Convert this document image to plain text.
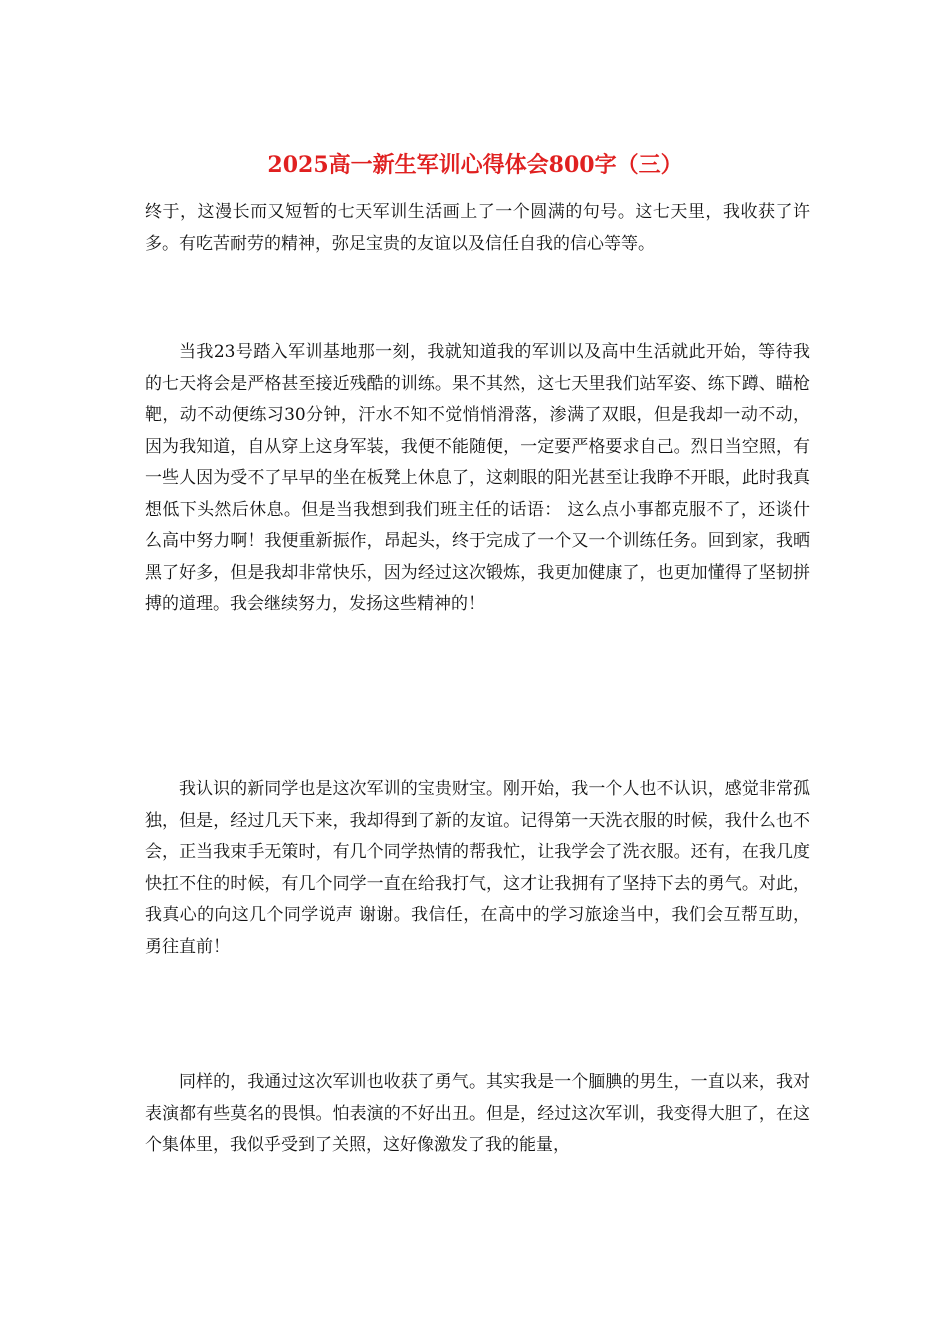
2025高一新生军训心得体会800字（三）

终于，这漫长而又短暂的七天军训生活画上了一个圆满的句号。这七天里，我收获了许多。有吃苦耐劳的精神，弥足宝贵的友谊以及信任自我的信心等等。

当我23号踏入军训基地那一刻，我就知道我的军训以及高中生活就此开始，等待我的七天将会是严格甚至接近残酷的训练。果不其然，这七天里我们站军姿、练下蹲、瞄枪靶，动不动便练习30分钟，汗水不知不觉悄悄滑落，渗满了双眼，但是我却一动不动，因为我知道，自从穿上这身军装，我便不能随便，一定要严格要求自己。烈日当空照，有一些人因为受不了早早的坐在板凳上休息了，这刺眼的阳光甚至让我睁不开眼，此时我真想低下头然后休息。但是当我想到我们班主任的话语： 这么点小事都克服不了，还谈什么高中努力啊！我便重新振作，昂起头，终于完成了一个又一个训练任务。回到家，我晒黑了好多，但是我却非常快乐，因为经过这次锻炼，我更加健康了，也更加懂得了坚韧拼搏的道理。我会继续努力，发扬这些精神的！

我认识的新同学也是这次军训的宝贵财宝。刚开始，我一个人也不认识，感觉非常孤独，但是，经过几天下来，我却得到了新的友谊。记得第一天洗衣服的时候，我什么也不会，正当我束手无策时，有几个同学热情的帮我忙，让我学会了洗衣服。还有，在我几度快扛不住的时候，有几个同学一直在给我打气，这才让我拥有了坚持下去的勇气。对此，我真心的向这几个同学说声 谢谢。我信任，在高中的学习旅途当中，我们会互帮互助，勇往直前！

同样的，我通过这次军训也收获了勇气。其实我是一个腼腆的男生，一直以来，我对表演都有些莫名的畏惧。怕表演的不好出丑。但是，经过这次军训，我变得大胆了，在这个集体里，我似乎受到了关照，这好像激发了我的能量，
